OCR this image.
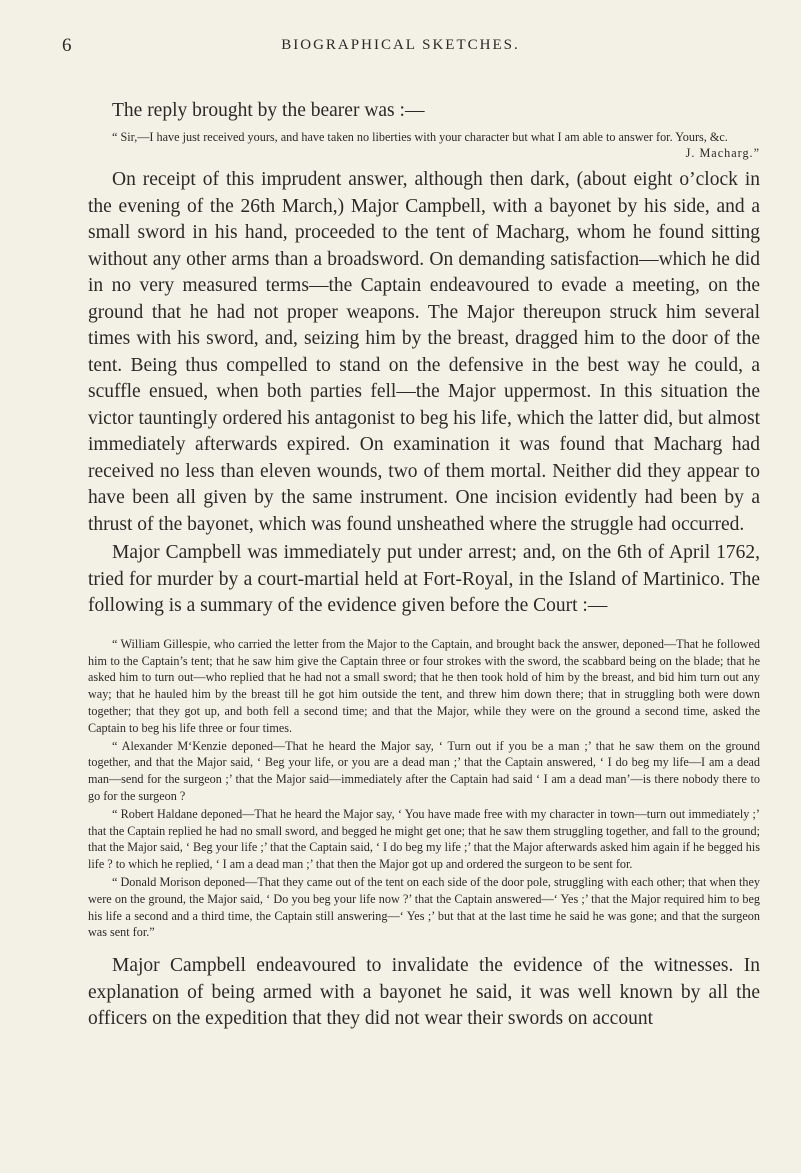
6	BIOGRAPHICAL SKETCHES.

The reply brought by the bearer was :—

“ Sir,—I have just received yours, and have taken no liberties with your character but what I am able to answer for. Yours, &c.

J. Macharg.”

On receipt of this imprudent answer, although then dark, (about eight o’clock in the evening of the 26th March,) Major Campbell, with a bayonet by his side, and a small sword in his hand, proceeded to the tent of Macharg, whom he found sitting without any other arms than a broadsword. On demanding satisfaction—which he did in no very measured terms—the Captain endeavoured to evade a meeting, on the ground that he had not proper weapons. The Major thereupon struck him several times with his sword, and, seizing him by the breast, dragged him to the door of the tent. Being thus compelled to stand on the defensive in the best way he could, a scuffle ensued, when both parties fell—the Major uppermost. In this situation the victor tauntingly ordered his antagonist to beg his life, which the latter did, but almost immediately afterwards expired. On examination it was found that Macharg had received no less than eleven wounds, two of them mortal. Neither did they appear to have been all given by the same instrument. One incision evidently had been by a thrust of the bayonet, which was found unsheathed where the struggle had occurred.

Major Campbell was immediately put under arrest; and, on the 6th of April 1762, tried for murder by a court-martial held at Fort-Royal, in the Island of Martinico. The following is a summary of the evidence given before the Court :—

“ William Gillespie, who carried the letter from the Major to the Captain, and brought back the answer, deponed—That he followed him to the Captain’s tent; that he saw him give the Captain three or four strokes with the sword, the scabbard being on the blade; that he asked him to turn out—who replied that he had not a small sword; that he then took hold of him by the breast, and bid him turn out any way; that he hauled him by the breast till he got him outside the tent, and threw him down there; that in struggling both were down together; that they got up, and both fell a second time; and that the Major, while they were on the ground a second time, asked the Captain to beg his life three or four times.

“ Alexander M‘Kenzie deponed—That he heard the Major say, ‘ Turn out if you be a man ;’ that he saw them on the ground together, and that the Major said, ‘ Beg your life, or you are a dead man ;’ that the Captain answered, ‘ I do beg my life—I am a dead man—send for the surgeon ;’ that the Major said—immediately after the Captain had said ‘ I am a dead man’—is there nobody there to go for the surgeon ?

“ Robert Haldane deponed—That he heard the Major say, ‘ You have made free with my character in town—turn out immediately ;’ that the Captain replied he had no small sword, and begged he might get one; that he saw them struggling together, and fall to the ground; that the Major said, ‘ Beg your life ;’ that the Captain said, ‘ I do beg my life ;’ that the Major afterwards asked him again if he begged his life ? to which he replied, ‘ I am a dead man ;’ that then the Major got up and ordered the surgeon to be sent for.

“ Donald Morison deponed—That they came out of the tent on each side of the door pole, struggling with each other; that when they were on the ground, the Major said, ‘ Do you beg your life now ?’ that the Captain answered—‘ Yes ;’ that the Major required him to beg his life a second and a third time, the Captain still answering—‘ Yes ;’ but that at the last time he said he was gone; and that the surgeon was sent for.”

Major Campbell endeavoured to invalidate the evidence of the witnesses. In explanation of being armed with a bayonet he said, it was well known by all the officers on the expedition that they did not wear their swords on account
